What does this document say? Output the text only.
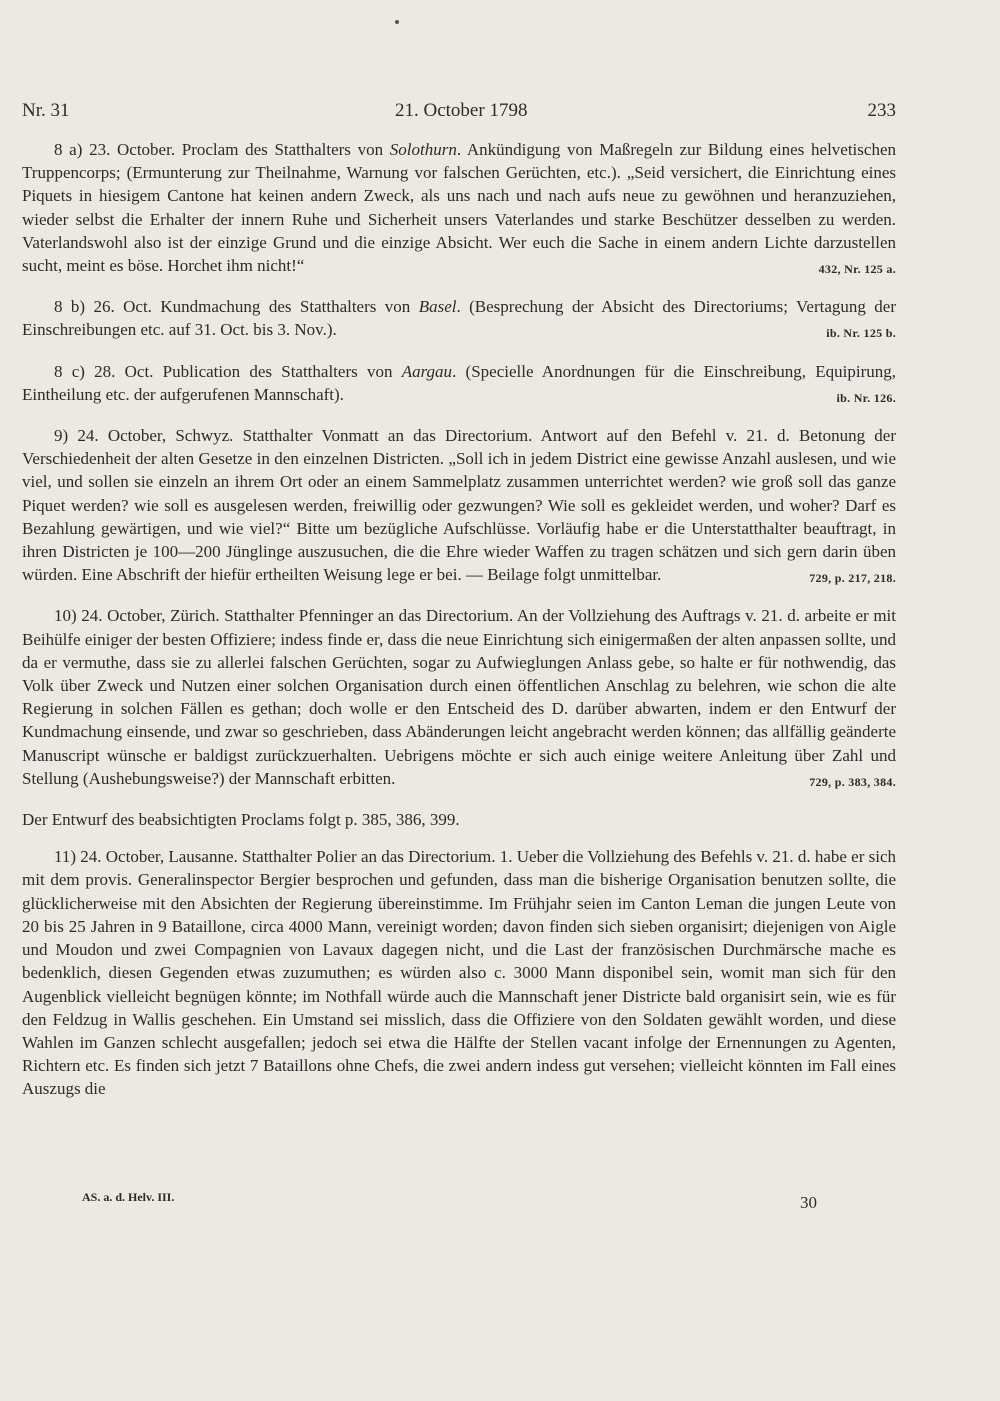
Nr. 31	21. October 1798	233

8 a) 23. October. Proclam des Statthalters von Solothurn. Ankündigung von Maßregeln zur Bildung eines helvetischen Truppencorps; (Ermunterung zur Theilnahme, Warnung vor falschen Gerüchten, etc.). „Seid versichert, die Einrichtung eines Piquets in hiesigem Cantone hat keinen andern Zweck, als uns nach und nach aufs neue zu gewöhnen und heranzuziehen, wieder selbst die Erhalter der innern Ruhe und Sicherheit unsers Vaterlandes und starke Beschützer desselben zu werden. Vaterlandswohl also ist der einzige Grund und die einzige Absicht. Wer euch die Sache in einem andern Lichte darzustellen sucht, meint es böse. Horchet ihm nicht!“	432, Nr. 125 a.

8 b) 26. Oct. Kundmachung des Statthalters von Basel. (Besprechung der Absicht des Directoriums; Vertagung der Einschreibungen etc. auf 31. Oct. bis 3. Nov.).	ib. Nr. 125 b.

8 c) 28. Oct. Publication des Statthalters von Aargau. (Specielle Anordnungen für die Einschreibung, Equipirung, Eintheilung etc. der aufgerufenen Mannschaft).	ib. Nr. 126.

9) 24. October, Schwyz. Statthalter Vonmatt an das Directorium. Antwort auf den Befehl v. 21. d. Betonung der Verschiedenheit der alten Gesetze in den einzelnen Districten. „Soll ich in jedem District eine gewisse Anzahl auslesen, und wie viel, und sollen sie einzeln an ihrem Ort oder an einem Sammelplatz zusammen unterrichtet werden? wie groß soll das ganze Piquet werden? wie soll es ausgelesen werden, freiwillig oder gezwungen? Wie soll es gekleidet werden, und woher? Darf es Bezahlung gewärtigen, und wie viel?“ Bitte um bezügliche Aufschlüsse. Vorläufig habe er die Unterstatthalter beauftragt, in ihren Districten je 100—200 Jünglinge auszusuchen, die die Ehre wieder Waffen zu tragen schätzen und sich gern darin üben würden. Eine Abschrift der hiefür ertheilten Weisung lege er bei. — Beilage folgt unmittelbar.	729, p. 217, 218.

10) 24. October, Zürich. Statthalter Pfenninger an das Directorium. An der Vollziehung des Auftrags v. 21. d. arbeite er mit Beihülfe einiger der besten Offiziere; indess finde er, dass die neue Einrichtung sich einigermaßen der alten anpassen sollte, und da er vermuthe, dass sie zu allerlei falschen Gerüchten, sogar zu Aufwieglungen Anlass gebe, so halte er für nothwendig, das Volk über Zweck und Nutzen einer solchen Organisation durch einen öffentlichen Anschlag zu belehren, wie schon die alte Regierung in solchen Fällen es gethan; doch wolle er den Entscheid des D. darüber abwarten, indem er den Entwurf der Kundmachung einsende, und zwar so geschrieben, dass Abänderungen leicht angebracht werden können; das allfällig geänderte Manuscript wünsche er baldigst zurückzuerhalten. Uebrigens möchte er sich auch einige weitere Anleitung über Zahl und Stellung (Aushebungsweise?) der Mannschaft erbitten.	729, p. 383, 384.

Der Entwurf des beabsichtigten Proclams folgt p. 385, 386, 399.

11) 24. October, Lausanne. Statthalter Polier an das Directorium. 1. Ueber die Vollziehung des Befehls v. 21. d. habe er sich mit dem provis. Generalinspector Bergier besprochen und gefunden, dass man die bisherige Organisation benutzen sollte, die glücklicherweise mit den Absichten der Regierung übereinstimme. Im Frühjahr seien im Canton Leman die jungen Leute von 20 bis 25 Jahren in 9 Bataillone, circa 4000 Mann, vereinigt worden; davon finden sich sieben organisirt; diejenigen von Aigle und Moudon und zwei Compagnien von Lavaux dagegen nicht, und die Last der französischen Durchmärsche mache es bedenklich, diesen Gegenden etwas zuzumuthen; es würden also c. 3000 Mann disponibel sein, womit man sich für den Augenblick vielleicht begnügen könnte; im Nothfall würde auch die Mannschaft jener Districte bald organisirt sein, wie es für den Feldzug in Wallis geschehen. Ein Umstand sei misslich, dass die Offiziere von den Soldaten gewählt worden, und diese Wahlen im Ganzen schlecht ausgefallen; jedoch sei etwa die Hälfte der Stellen vacant infolge der Ernennungen zu Agenten, Richtern etc. Es finden sich jetzt 7 Bataillons ohne Chefs, die zwei andern indess gut versehen; vielleicht könnten im Fall eines Auszugs die

AS. a. d. Helv. III.	30
